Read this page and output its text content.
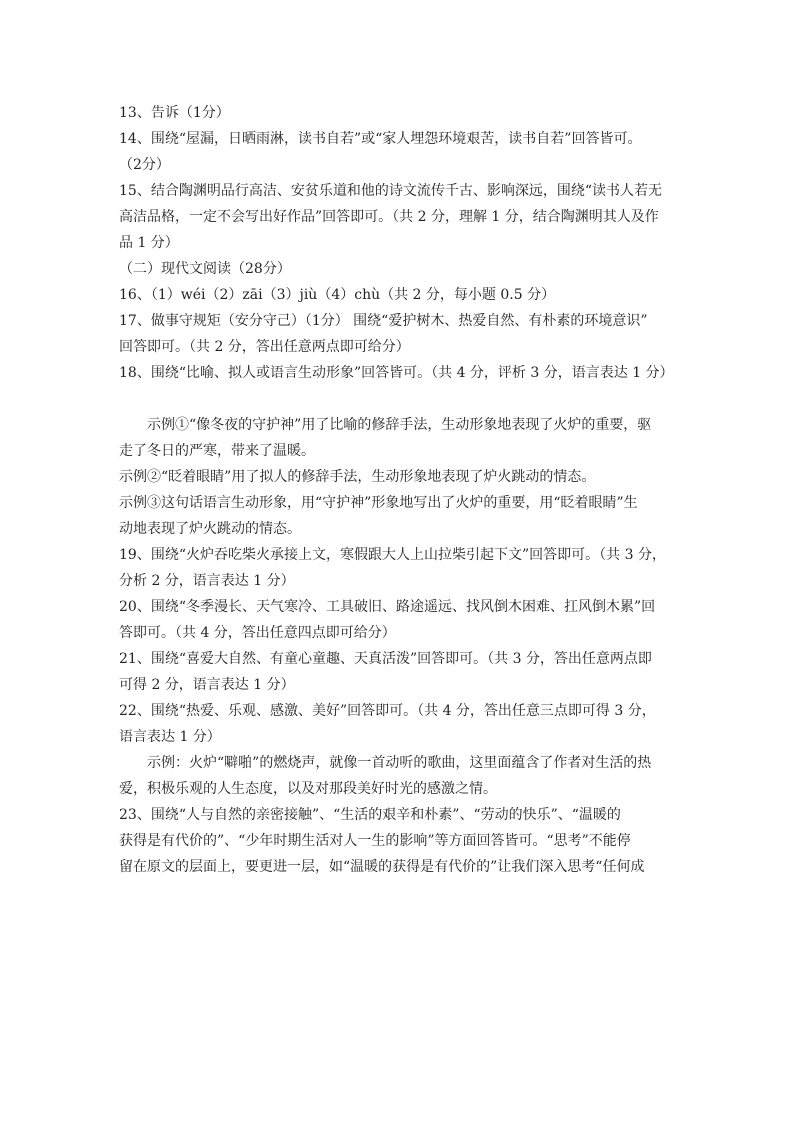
13、告诉（1分）
14、围绕“屋漏，日晒雨淋，读书自若”或“家人埋怨环境艰苦，读书自若”回答皆可。
（2分）
15、结合陶渊明品行高洁、安贫乐道和他的诗文流传千古、影响深远，围绕“读书人若无
高洁品格，一定不会写出好作品”回答即可。（共 2 分，理解 1 分，结合陶渊明其人及作
品 1 分）
（二）现代文阅读（28分）
16、（1）wéi（2）zāi（3）jiù（4）chù（共 2 分，每小题 0.5 分）
17、做事守规矩（安分守己）（1分） 围绕“爱护树木、热爱自然、有朴素的环境意识”
回答即可。（共 2 分，答出任意两点即可给分）
18、围绕“比喻、拟人或语言生动形象”回答皆可。（共 4 分，评析 3 分，语言表达 1 分）
示例①“像冬夜的守护神”用了比喻的修辞手法，生动形象地表现了火炉的重要，驱
走了冬日的严寒，带来了温暖。
示例②“眨着眼睛”用了拟人的修辞手法，生动形象地表现了炉火跳动的情态。
示例③这句话语言生动形象，用“守护神”形象地写出了火炉的重要，用“眨着眼睛”生
动地表现了炉火跳动的情态。
19、围绕“火炉吞吃柴火承接上文，寒假跟大人上山拉柴引起下文”回答即可。（共 3 分，
分析 2 分，语言表达 1 分）
20、围绕“冬季漫长、天气寒冷、工具破旧、路途遥远、找风倒木困难、扛风倒木累”回
答即可。（共 4 分，答出任意四点即可给分）
21、围绕“喜爱大自然、有童心童趣、天真活泼”回答即可。（共 3 分，答出任意两点即
可得 2 分，语言表达 1 分）
22、围绕“热爱、乐观、感激、美好”回答即可。（共 4 分，答出任意三点即可得 3 分，
语言表达 1 分）
示例：火炉“噼啪”的燃烧声，就像一首动听的歌曲，这里面蕴含了作者对生活的热
爱，积极乐观的人生态度，以及对那段美好时光的感激之情。
23、围绕“人与自然的亲密接触”、“生活的艰辛和朴素”、“劳动的快乐”、“温暖的
获得是有代价的”、“少年时期生活对人一生的影响”等方面回答皆可。“思考”不能停
留在原文的层面上，要更进一层，如“温暖的获得是有代价的”让我们深入思考“任何成
